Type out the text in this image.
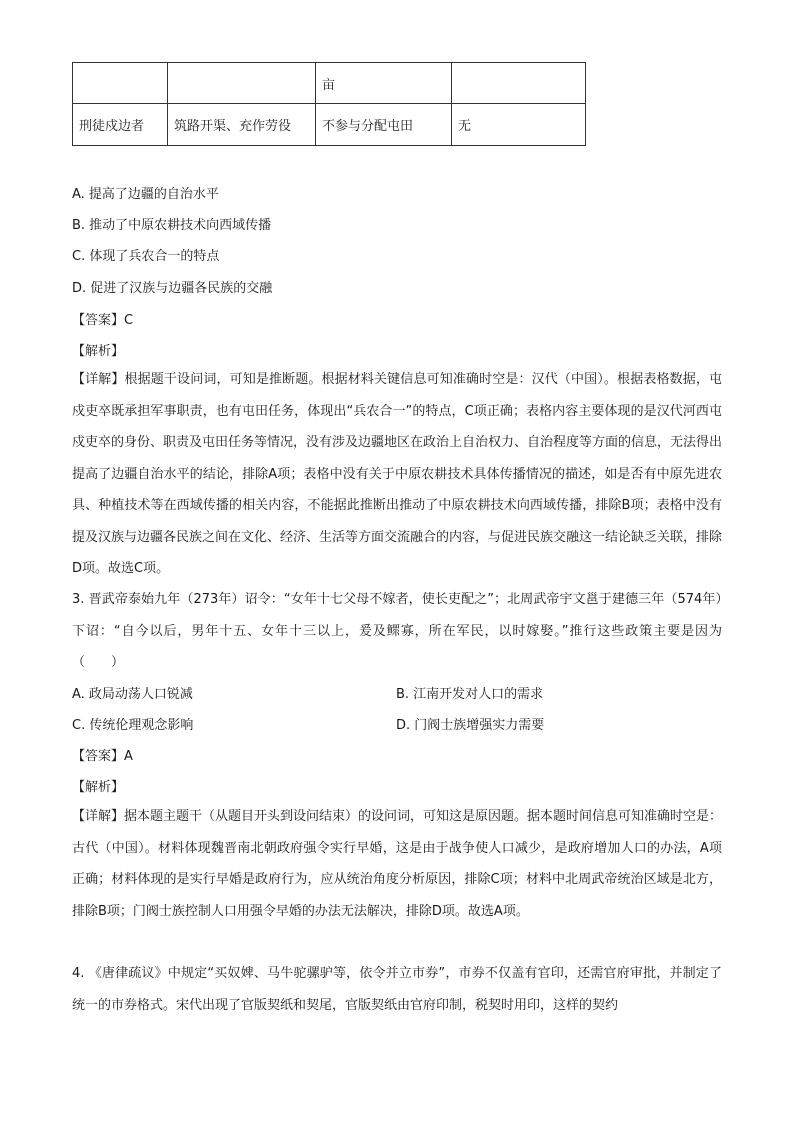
		亩	
刑徒戍边者	筑路开渠、充作劳役	不参与分配屯田	无
A. 提高了边疆的自治水平
B. 推动了中原农耕技术向西域传播
C. 体现了兵农合一的特点
D. 促进了汉族与边疆各民族的交融
【答案】C
【解析】
【详解】根据题干设问词，可知是推断题。根据材料关键信息可知准确时空是：汉代（中国）。根据表格数据，屯戍吏卒既承担军事职责，也有屯田任务，体现出“兵农合一”的特点，C项正确；表格内容主要体现的是汉代河西屯戍吏卒的身份、职责及屯田任务等情况，没有涉及边疆地区在政治上自治权力、自治程度等方面的信息，无法得出提高了边疆自治水平的结论，排除A项；表格中没有关于中原农耕技术具体传播情况的描述，如是否有中原先进农具、种植技术等在西域传播的相关内容，不能据此推断出推动了中原农耕技术向西域传播，排除B项；表格中没有提及汉族与边疆各民族之间在文化、经济、生活等方面交流融合的内容，与促进民族交融这一结论缺乏关联，排除D项。故选C项。
3. 晋武帝泰始九年（273年）诏令：“女年十七父母不嫁者，使长吏配之”；北周武帝宇文邕于建德三年（574年）下诏：“自今以后，男年十五、女年十三以上，爰及鳏寡，所在军民，以时嫁娶。”推行这些政策主要是因为（　　）
A. 政局动荡人口锐减	B. 江南开发对人口的需求
C. 传统伦理观念影响	D. 门阀士族增强实力需要
【答案】A
【解析】
【详解】据本题主题干（从题目开头到设问结束）的设问词，可知这是原因题。据本题时间信息可知准确时空是：古代（中国）。材料体现魏晋南北朝政府强令实行早婚，这是由于战争使人口减少，是政府增加人口的办法，A项正确；材料体现的是实行早婚是政府行为，应从统治角度分析原因，排除C项；材料中北周武帝统治区域是北方，排除B项；门阀士族控制人口用强令早婚的办法无法解决，排除D项。故选A项。
4. 《唐律疏议》中规定“买奴婢、马牛驼骡驴等，依令并立市券”，市券不仅盖有官印，还需官府审批，并制定了统一的市券格式。宋代出现了官版契纸和契尾，官版契纸由官府印制，税契时用印，这样的契约
